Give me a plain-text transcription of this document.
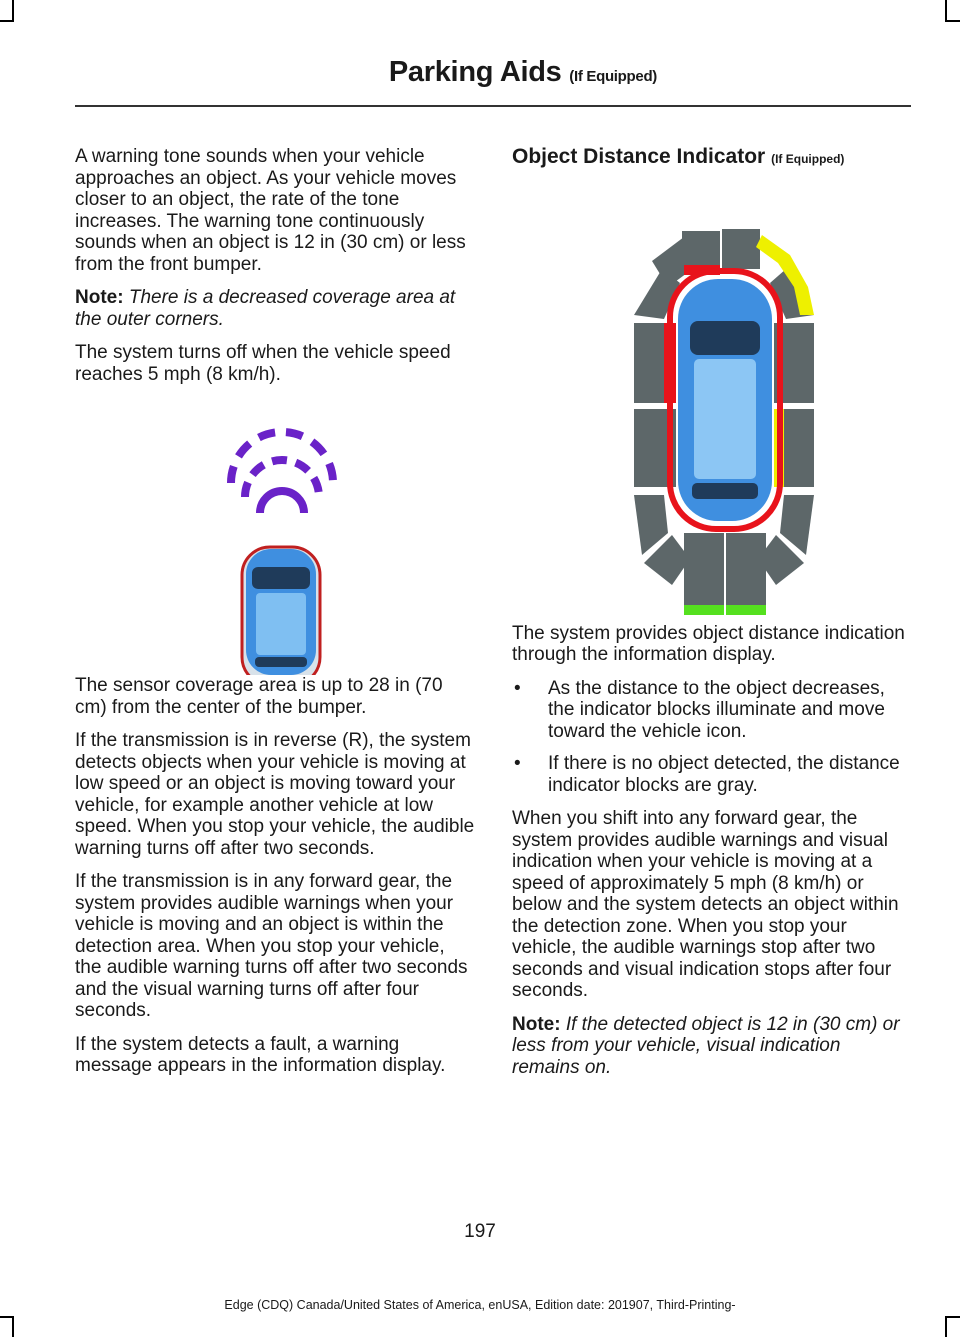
Parking Aids (If Equipped)

A warning tone sounds when your vehicle approaches an object. As your vehicle moves closer to an object, the rate of the tone increases. The warning tone continuously sounds when an object is 12 in (30 cm) or less from the front bumper.

Note: There is a decreased coverage area at the outer corners.

The system turns off when the vehicle speed reaches 5 mph (8 km/h).

The sensor coverage area is up to 28 in (70 cm) from the center of the bumper.

If the transmission is in reverse (R), the system detects objects when your vehicle is moving at low speed or an object is moving toward your vehicle, for example another vehicle at low speed. When you stop your vehicle, the audible warning turns off after two seconds.

If the transmission is in any forward gear, the system provides audible warnings when your vehicle is moving and an object is within the detection area. When you stop your vehicle, the audible warning turns off after two seconds and the visual warning turns off after four seconds.

If the system detects a fault, a warning message appears in the information display.

Object Distance Indicator (If Equipped)

The system provides object distance indication through the information display.

• As the distance to the object decreases, the indicator blocks illuminate and move toward the vehicle icon.
• If there is no object detected, the distance indicator blocks are gray.

When you shift into any forward gear, the system provides audible warnings and visual indication when your vehicle is moving at a speed of approximately 5 mph (8 km/h) or below and the system detects an object within the detection zone. When you stop your vehicle, the audible warnings stop after two seconds and visual indication stops after four seconds.

Note: If the detected object is 12 in (30 cm) or less from your vehicle, visual indication remains on.

197
Edge (CDQ) Canada/United States of America, enUSA, Edition date: 201907, Third-Printing-
